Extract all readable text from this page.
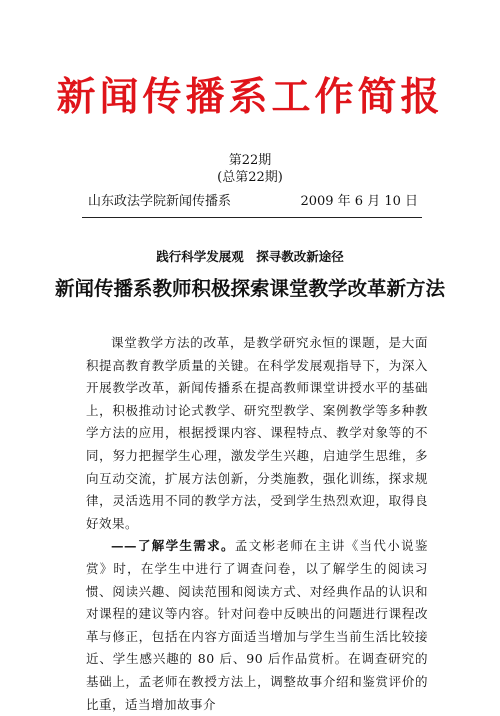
新闻传播系工作简报
第22期
(总第22期)
山东政法学院新闻传播系	2009 年 6 月 10 日
践行科学发展观　探寻教改新途径
新闻传播系教师积极探索课堂教学改革新方法

课堂教学方法的改革，是教学研究永恒的课题，是大面积提高教育教学质量的关键。在科学发展观指导下，为深入开展教学改革，新闻传播系在提高教师课堂讲授水平的基础上，积极推动讨论式教学、研究型教学、案例教学等多种教学方法的应用，根据授课内容、课程特点、教学对象等的不同，努力把握学生心理，激发学生兴趣，启迪学生思维，多向互动交流，扩展方法创新，分类施教，强化训练，探求规律，灵活选用不同的教学方法，受到学生热烈欢迎，取得良好效果。

——了解学生需求。孟文彬老师在主讲《当代小说鉴赏》时，在学生中进行了调查问卷，以了解学生的阅读习惯、阅读兴趣、阅读范围和阅读方式、对经典作品的认识和对课程的建议等内容。针对问卷中反映出的问题进行课程改革与修正，包括在内容方面适当增加与学生当前生活比较接近、学生感兴趣的 80 后、90 后作品赏析。在调查研究的基础上，孟老师在教授方法上，调整故事介绍和鉴赏评价的比重，适当增加故事介
